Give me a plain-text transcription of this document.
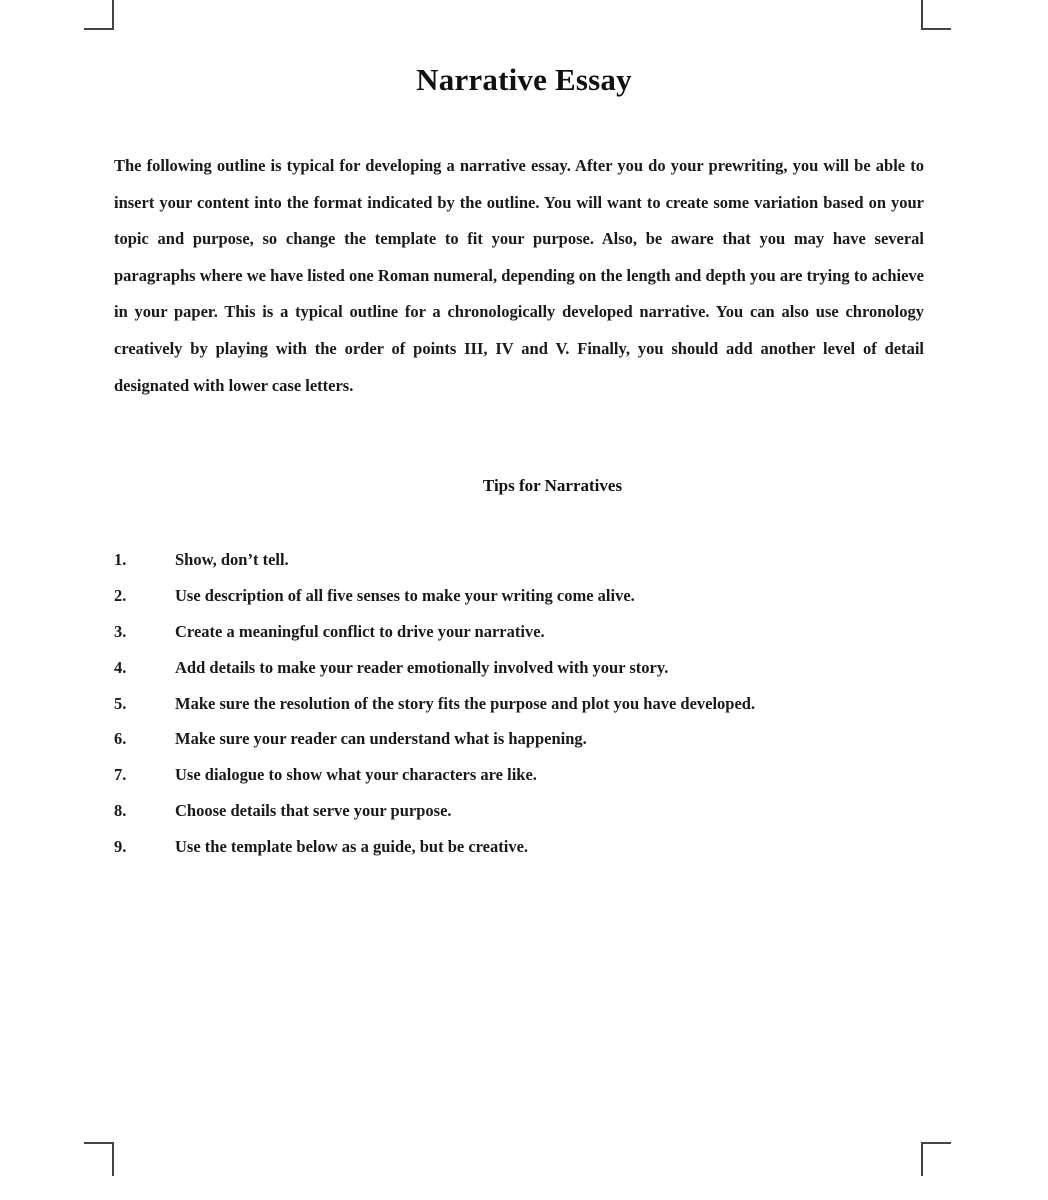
Narrative Essay

The following outline is typical for developing a narrative essay. After you do your prewriting, you will be able to insert your content into the format indicated by the outline. You will want to create some variation based on your topic and purpose, so change the template to fit your purpose. Also, be aware that you may have several paragraphs where we have listed one Roman numeral, depending on the length and depth you are trying to achieve in your paper. This is a typical outline for a chronologically developed narrative. You can also use chronology creatively by playing with the order of points III, IV and V. Finally, you should add another level of detail designated with lower case letters.

Tips for Narratives
1.	Show, don’t tell.
2.	Use description of all five senses to make your writing come alive.
3.	Create a meaningful conflict to drive your narrative.
4.	Add details to make your reader emotionally involved with your story.
5.	Make sure the resolution of the story fits the purpose and plot you have developed.
6.	Make sure your reader can understand what is happening.
7.	Use dialogue to show what your characters are like.
8.	Choose details that serve your purpose.
9.	Use the template below as a guide, but be creative.
